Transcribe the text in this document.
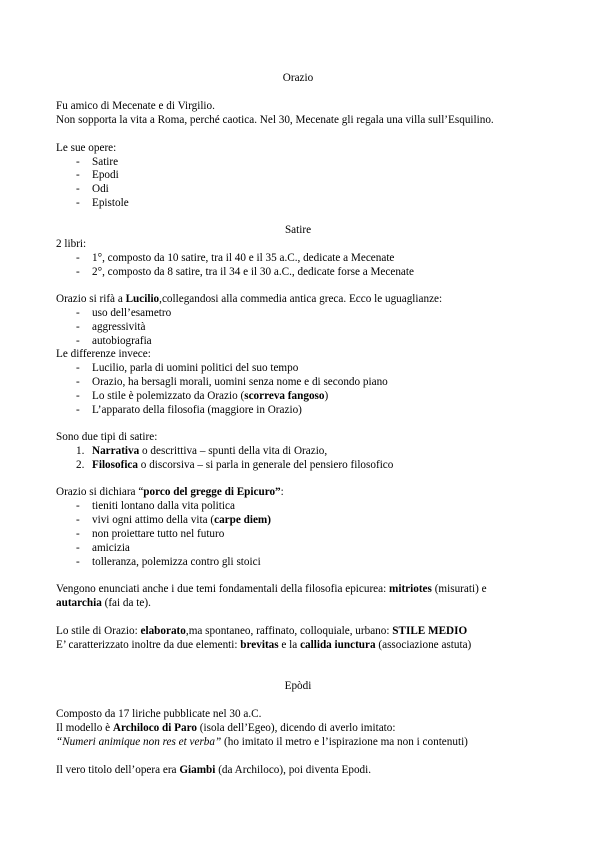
Orazio
Fu amico di Mecenate e di Virgilio.
Non sopporta la vita a Roma, perché caotica. Nel 30, Mecenate gli regala una villa sull’Esquilino.
Le sue opere:
- Satire
- Epodi
- Odi
- Epistole
Satire
2 libri:
- 1°, composto da 10 satire, tra il 40 e il 35 a.C., dedicate a Mecenate
- 2°, composto da 8 satire, tra il 34 e il 30 a.C., dedicate forse a Mecenate
Orazio si rifà a Lucilio,collegandosi alla commedia antica greca. Ecco le uguaglianze:
- uso dell’esametro
- aggressività
- autobiografia
Le differenze invece:
- Lucilio, parla di uomini politici del suo tempo
- Orazio, ha bersagli morali, uomini senza nome e di secondo piano
- Lo stile è polemizzato da Orazio (scorreva fangoso)
- L’apparato della filosofia (maggiore in Orazio)
Sono due tipi di satire:
1. Narrativa o descrittiva – spunti della vita di Orazio,
2. Filosofica o discorsiva – si parla in generale del pensiero filosofico
Orazio si dichiara “porco del gregge di Epicuro”:
- tieniti lontano dalla vita politica
- vivi ogni attimo della vita (carpe diem)
- non proiettare tutto nel futuro
- amicizia
- tolleranza, polemizza contro gli stoici
Vengono enunciati anche i due temi fondamentali della filosofia epicurea: mitriotes (misurati) e
autarchia (fai da te).
Lo stile di Orazio: elaborato,ma spontaneo, raffinato, colloquiale, urbano: STILE MEDIO
E’ caratterizzato inoltre da due elementi: brevitas e la callida iunctura (associazione astuta)
Epòdi
Composto da 17 liriche pubblicate nel 30 a.C.
Il modello è Archiloco di Paro (isola dell’Egeo), dicendo di averlo imitato:
“Numeri animique non res et verba” (ho imitato il metro e l’ispirazione ma non i contenuti)
Il vero titolo dell’opera era Giambi (da Archiloco), poi diventa Epodi.
